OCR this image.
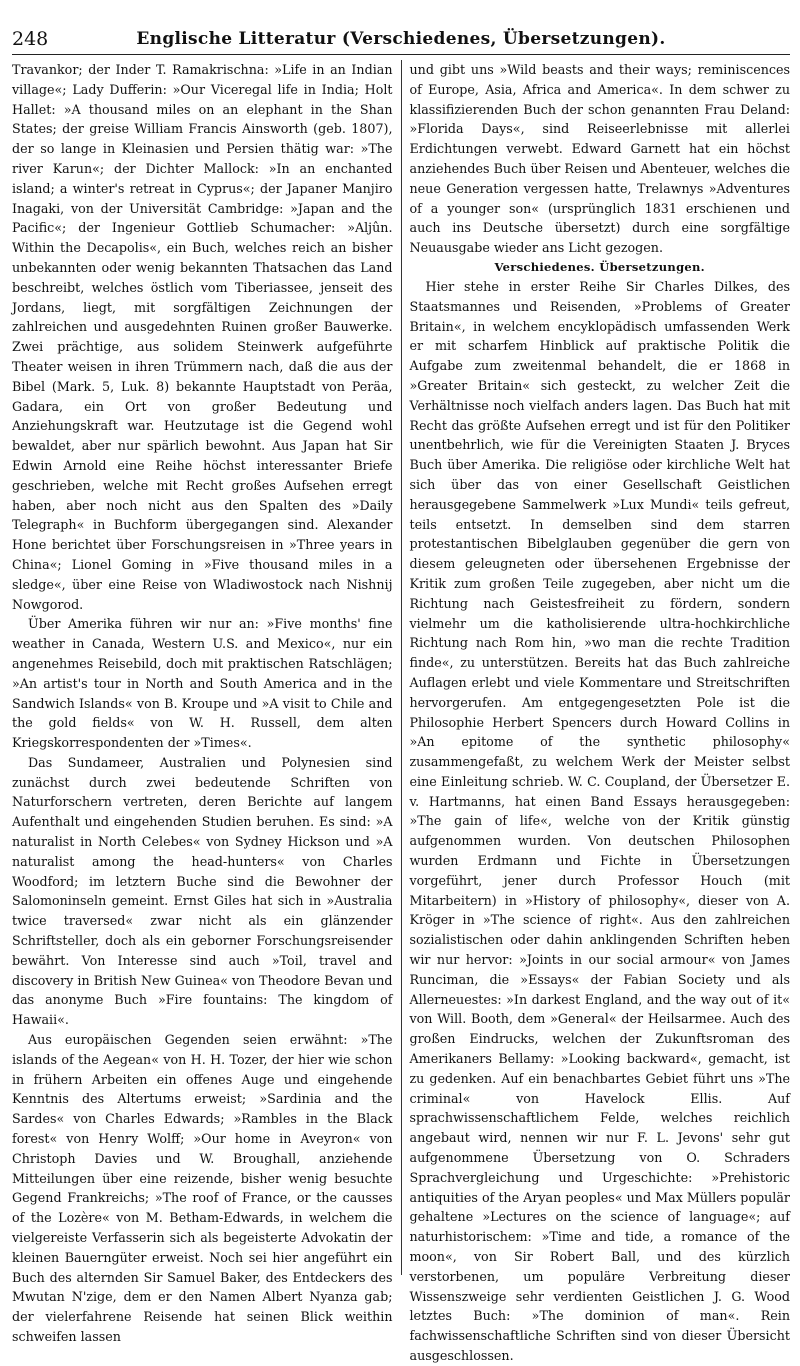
248	Englische Litteratur (Verschiedenes, Übersetzungen).

Travankor; der Inder T. Ramakrischna: »Life in an Indian village«; Lady Dufferin: »Our Viceregal life in India; Holt Hallet: »A thousand miles on an elephant in the Shan States; der greise William Francis Ainsworth (geb. 1807), der so lange in Kleinasien und Persien thätig war: »The river Karun«; der Dichter Mallock: »In an enchanted island; a winter's retreat in Cyprus«; der Japaner Manjiro Inagaki, von der Universität Cambridge: »Japan and the Pacific«; der Ingenieur Gottlieb Schumacher: »Aljûn. Within the Decapolis«, ein Buch, welches reich an bisher unbekannten oder wenig bekannten Thatsachen das Land beschreibt, welches östlich vom Tiberiassee, jenseit des Jordans, liegt, mit sorgfältigen Zeichnungen der zahlreichen und ausgedehnten Ruinen großer Bauwerke. Zwei prächtige, aus solidem Steinwerk aufgeführte Theater weisen in ihren Trümmern nach, daß die aus der Bibel (Mark. 5, Luk. 8) bekannte Hauptstadt von Peräa, Gadara, ein Ort von großer Bedeutung und Anziehungskraft war. Heutzutage ist die Gegend wohl bewaldet, aber nur spärlich bewohnt. Aus Japan hat Sir Edwin Arnold eine Reihe höchst interessanter Briefe geschrieben, welche mit Recht großes Aufsehen erregt haben, aber noch nicht aus den Spalten des »Daily Telegraph« in Buchform übergegangen sind. Alexander Hone berichtet über Forschungsreisen in »Three years in China«; Lionel Goming in »Five thousand miles in a sledge«, über eine Reise von Wladiwostock nach Nishnij Nowgorod.

Über Amerika führen wir nur an: »Five months' fine weather in Canada, Western U.S. and Mexico«, nur ein angenehmes Reisebild, doch mit praktischen Ratschlägen; »An artist's tour in North and South America and in the Sandwich Islands« von B. Kroupe und »A visit to Chile and the gold fields« von W. H. Russell, dem alten Kriegskorrespondenten der »Times«.

Das Sundameer, Australien und Polynesien sind zunächst durch zwei bedeutende Schriften von Naturforschern vertreten, deren Berichte auf langem Aufenthalt und eingehenden Studien beruhen. Es sind: »A naturalist in North Celebes« von Sydney Hickson und »A naturalist among the head-hunters« von Charles Woodford; im letztern Buche sind die Bewohner der Salomoninseln gemeint. Ernst Giles hat sich in »Australia twice traversed« zwar nicht als ein glänzender Schriftsteller, doch als ein geborner Forschungsreisender bewährt. Von Interesse sind auch »Toil, travel and discovery in British New Guinea« von Theodore Bevan und das anonyme Buch »Fire fountains: The kingdom of Hawaii«.

Aus europäischen Gegenden seien erwähnt: »The islands of the Aegean« von H. H. Tozer, der hier wie schon in frühern Arbeiten ein offenes Auge und eingehende Kenntnis des Altertums erweist; »Sardinia and the Sardes« von Charles Edwards; »Rambles in the Black forest« von Henry Wolff; »Our home in Aveyron« von Christoph Davies und W. Broughall, anziehende Mitteilungen über eine reizende, bisher wenig besuchte Gegend Frankreichs; »The roof of France, or the causses of the Lozère« von M. Betham-Edwards, in welchem die vielgereiste Verfasserin sich als begeisterte Advokatin der kleinen Bauerngüter erweist. Noch sei hier angeführt ein Buch des alternden Sir Samuel Baker, des Entdeckers des Mwutan N'zige, dem er den Namen Albert Nyanza gab; der vielerfahrene Reisende hat seinen Blick weithin schweifen lassen

und gibt uns »Wild beasts and their ways; reminiscences of Europe, Asia, Africa and America«. In dem schwer zu klassifizierenden Buch der schon genannten Frau Deland: »Florida Days«, sind Reiseerlebnisse mit allerlei Erdichtungen verwebt. Edward Garnett hat ein höchst anziehendes Buch über Reisen und Abenteuer, welches die neue Generation vergessen hatte, Trelawnys »Adventures of a younger son« (ursprünglich 1831 erschienen und auch ins Deutsche übersetzt) durch eine sorgfältige Neuausgabe wieder ans Licht gezogen.

Verschiedenes. Übersetzungen.

Hier stehe in erster Reihe Sir Charles Dilkes, des Staatsmannes und Reisenden, »Problems of Greater Britain«, in welchem encyklopädisch umfassenden Werk er mit scharfem Hinblick auf praktische Politik die Aufgabe zum zweitenmal behandelt, die er 1868 in »Greater Britain« sich gesteckt, zu welcher Zeit die Verhältnisse noch vielfach anders lagen. Das Buch hat mit Recht das größte Aufsehen erregt und ist für den Politiker unentbehrlich, wie für die Vereinigten Staaten J. Bryces Buch über Amerika. Die religiöse oder kirchliche Welt hat sich über das von einer Gesellschaft Geistlichen herausgegebene Sammelwerk »Lux Mundi« teils gefreut, teils entsetzt. In demselben sind dem starren protestantischen Bibelglauben gegenüber die gern von diesem geleugneten oder übersehenen Ergebnisse der Kritik zum großen Teile zugegeben, aber nicht um die Richtung nach Geistesfreiheit zu fördern, sondern vielmehr um die katholisierende ultra-hochkirchliche Richtung nach Rom hin, »wo man die rechte Tradition finde«, zu unterstützen. Bereits hat das Buch zahlreiche Auflagen erlebt und viele Kommentare und Streitschriften hervorgerufen. Am entgegengesetzten Pole ist die Philosophie Herbert Spencers durch Howard Collins in »An epitome of the synthetic philosophy« zusammengefaßt, zu welchem Werk der Meister selbst eine Einleitung schrieb. W. C. Coupland, der Übersetzer E. v. Hartmanns, hat einen Band Essays herausgegeben: »The gain of life«, welche von der Kritik günstig aufgenommen wurden. Von deutschen Philosophen wurden Erdmann und Fichte in Übersetzungen vorgeführt, jener durch Professor Houch (mit Mitarbeitern) in »History of philosophy«, dieser von A. Kröger in »The science of right«. Aus den zahlreichen sozialistischen oder dahin anklingenden Schriften heben wir nur hervor: »Joints in our social armour« von James Runciman, die »Essays« der Fabian Society und als Allerneuestes: »In darkest England, and the way out of it« von Will. Booth, dem »General« der Heilsarmee. Auch des großen Eindrucks, welchen der Zukunftsroman des Amerikaners Bellamy: »Looking backward«, gemacht, ist zu gedenken. Auf ein benachbartes Gebiet führt uns »The criminal« von Havelock Ellis. Auf sprachwissenschaftlichem Felde, welches reichlich angebaut wird, nennen wir nur F. L. Jevons' sehr gut aufgenommene Übersetzung von O. Schraders Sprachvergleichung und Urgeschichte: »Prehistoric antiquities of the Aryan peoples« und Max Müllers populär gehaltene »Lectures on the science of language«; auf naturhistorischem: »Time and tide, a romance of the moon«, von Sir Robert Ball, und des kürzlich verstorbenen, um populäre Verbreitung dieser Wissenszweige sehr verdienten Geistlichen J. G. Wood letztes Buch: »The dominion of man«. Rein fachwissenschaftliche Schriften sind von dieser Übersicht ausgeschlossen.
